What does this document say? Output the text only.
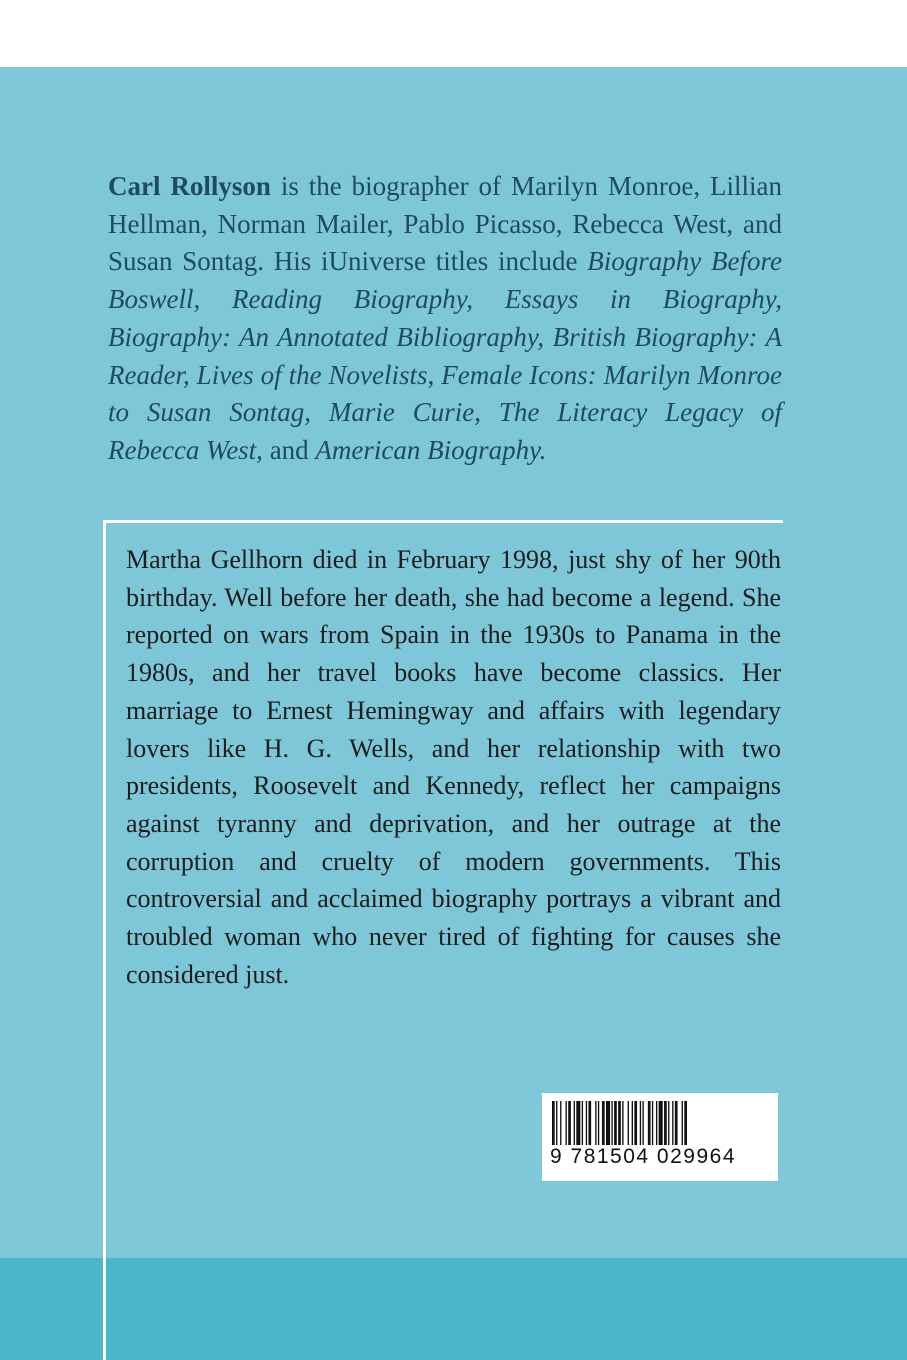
Carl Rollyson is the biographer of Marilyn Monroe, Lillian Hellman, Norman Mailer, Pablo Picasso, Rebecca West, and Susan Sontag. His iUniverse titles include Biography Before Boswell, Reading Biography, Essays in Biography, Biography: An Annotated Bibliography, British Biography: A Reader, Lives of the Novelists, Female Icons: Marilyn Monroe to Susan Sontag, Marie Curie, The Literacy Legacy of Rebecca West, and American Biography.

Martha Gellhorn died in February 1998, just shy of her 90th birthday. Well before her death, she had become a legend. She reported on wars from Spain in the 1930s to Panama in the 1980s, and her travel books have become classics. Her marriage to Ernest Hemingway and affairs with legendary lovers like H. G. Wells, and her relationship with two presidents, Roosevelt and Kennedy, reflect her campaigns against tyranny and deprivation, and her outrage at the corruption and cruelty of modern governments. This controversial and acclaimed biography portrays a vibrant and troubled woman who never tired of fighting for causes she considered just.

9 781504 029964
